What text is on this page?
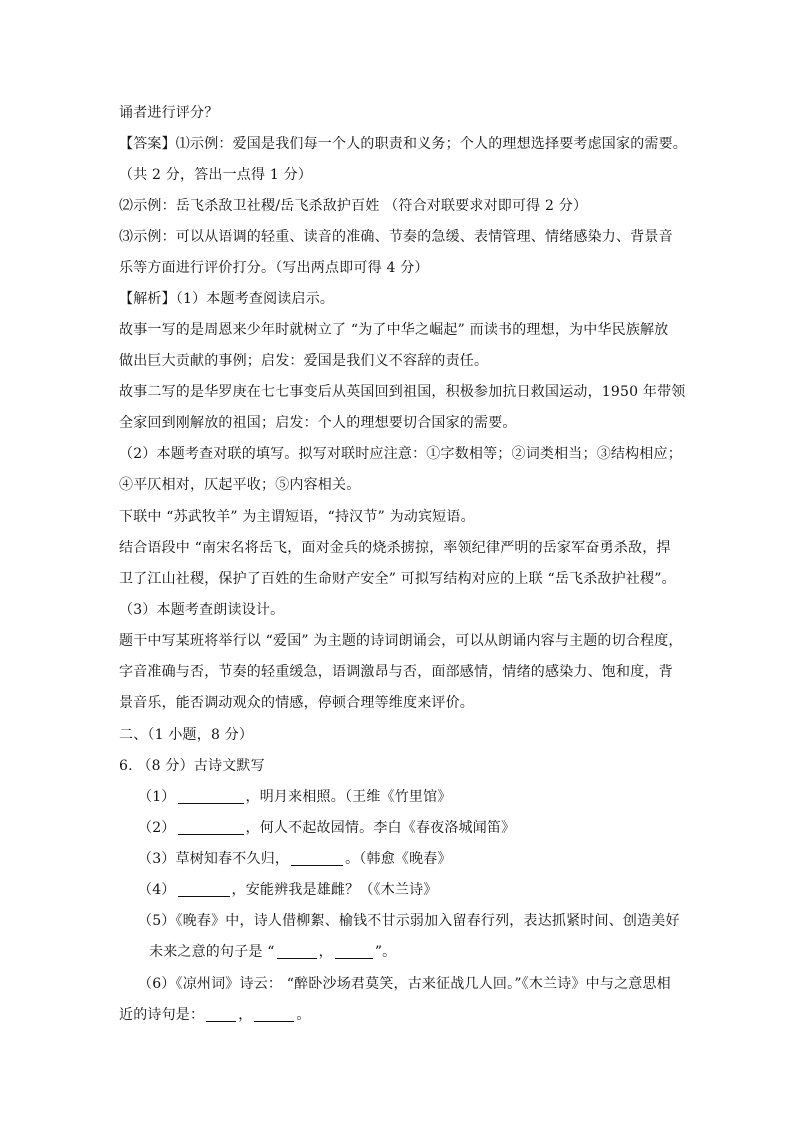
诵者进行评分？
【答案】⑴示例：爱国是我们每一个人的职责和义务；个人的理想选择要考虑国家的需要。
（共 2 分，答出一点得 1 分）
⑵示例：岳飞杀敌卫社稷/岳飞杀敌护百姓 （符合对联要求对即可得 2 分）
⑶示例：可以从语调的轻重、读音的准确、节奏的急缓、表情管理、情绪感染力、背景音
乐等方面进行评价打分。（写出两点即可得 4 分）
【解析】（1）本题考查阅读启示。
故事一写的是周恩来少年时就树立了 “为了中华之崛起” 而读书的理想，为中华民族解放
做出巨大贡献的事例；启发：爱国是我们义不容辞的责任。
故事二写的是华罗庚在七七事变后从英国回到祖国，积极参加抗日救国运动，1950 年带领
全家回到刚解放的祖国；启发：个人的理想要切合国家的需要。
（2）本题考查对联的填写。拟写对联时应注意：①字数相等；②词类相当；③结构相应；
④平仄相对，仄起平收；⑤内容相关。
下联中 “苏武牧羊” 为主谓短语，“持汉节” 为动宾短语。
结合语段中 “南宋名将岳飞，面对金兵的烧杀掳掠，率领纪律严明的岳家军奋勇杀敌，捍
卫了江山社稷，保护了百姓的生命财产安全” 可拟写结构对应的上联 “岳飞杀敌护社稷”。
（3）本题考查朗读设计。
题干中写某班将举行以 “爱国” 为主题的诗词朗诵会，可以从朗诵内容与主题的切合程度，
字音准确与否，节奏的轻重缓急，语调激昂与否，面部感情，情绪的感染力、饱和度，背
景音乐，能否调动观众的情感，停顿合理等维度来评价。
二、（1 小题，8 分）
6. （8 分）古诗文默写
（1）	，明月来相照。（王维《竹里馆》
（2）	，何人不起故园情。李白《春夜洛城闻笛》
（3）草树知春不久归，	。（韩愈《晚春》
（4）	，安能辨我是雄雌？（《木兰诗》
（5）《晚春》中，诗人借柳絮、榆钱不甘示弱加入留春行列，表达抓紧时间、创造美好
未来之意的句子是 “	，	”。
（6）《凉州词》诗云： “醉卧沙场君莫笑，古来征战几人回。”《木兰诗》中与之意思相
近的诗句是： ，	。
